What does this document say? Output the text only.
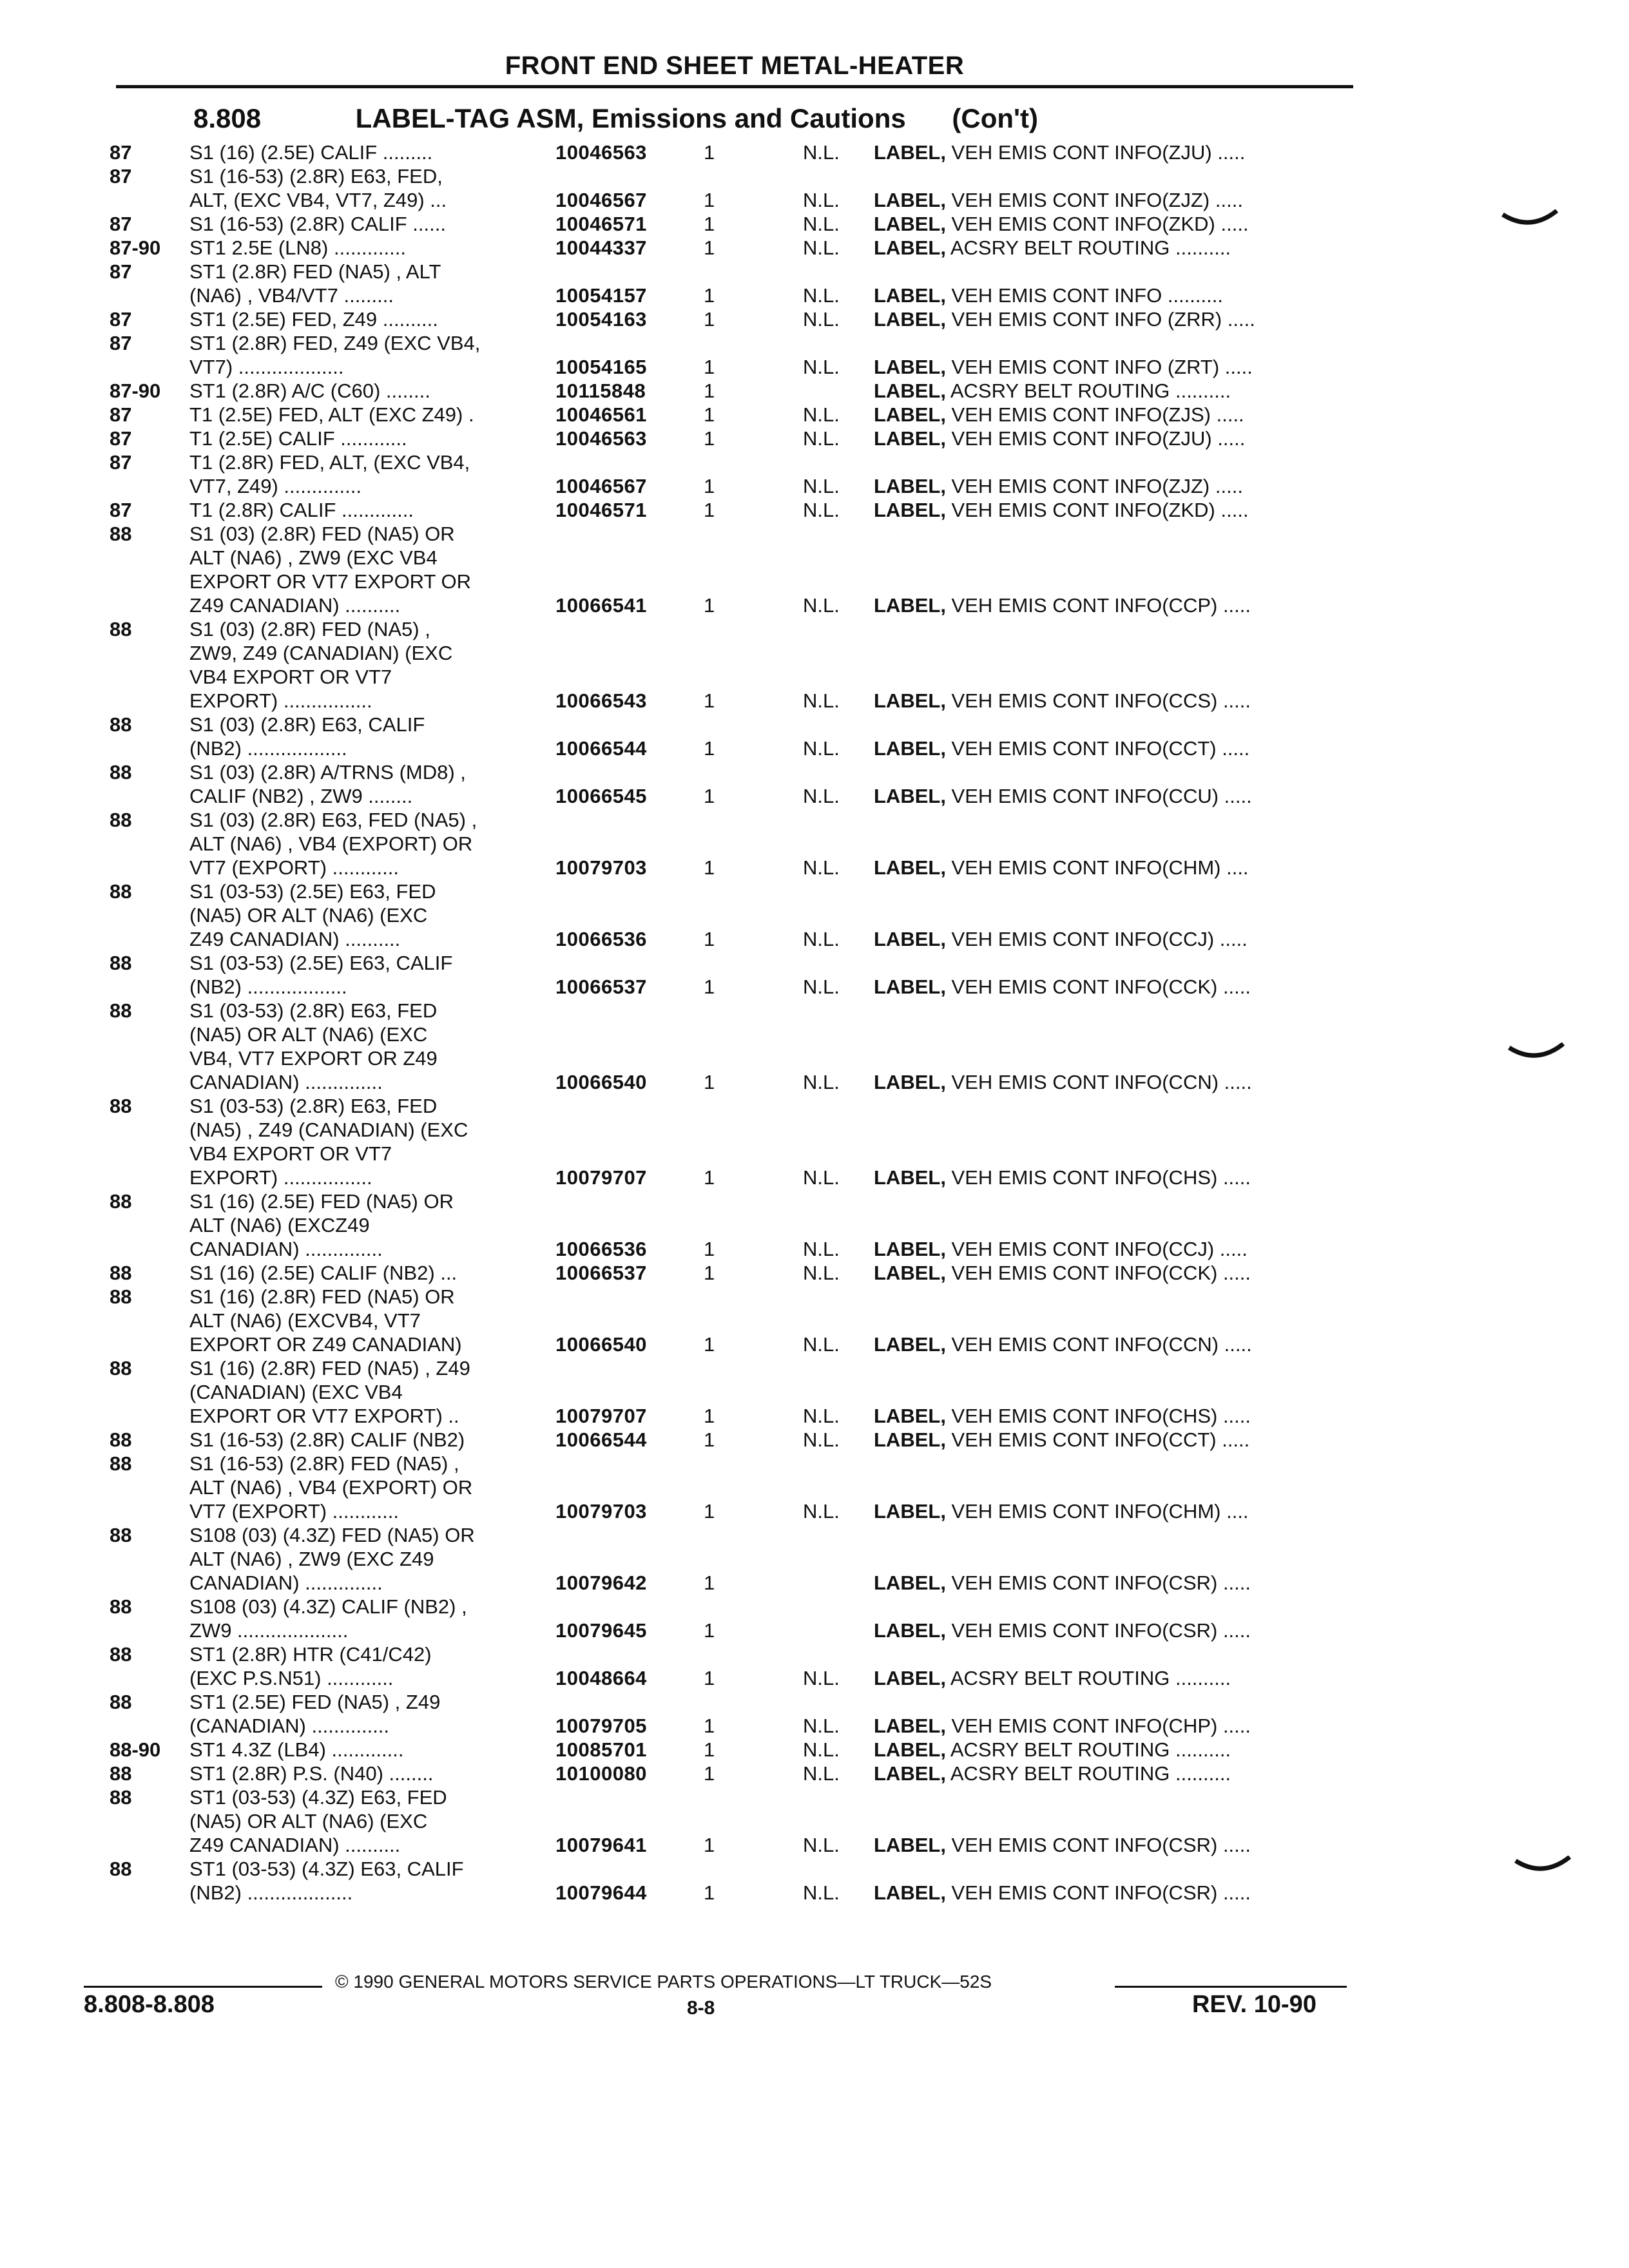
FRONT END SHEET METAL-HEATER
8.808	LABEL-TAG ASM, Emissions and Cautions (Con't)
87	S1 (16) (2.5E) CALIF .........	10046563	1	N.L. LABEL, VEH EMIS CONT INFO(ZJU) .....
87	S1 (16-53) (2.8R) E63, FED,
ALT, (EXC VB4, VT7, Z49) ...	10046567	1	N.L. LABEL, VEH EMIS CONT INFO(ZJZ) .....
87	S1 (16-53) (2.8R) CALIF ......	10046571	1	N.L. LABEL, VEH EMIS CONT INFO(ZKD) .....
87-90 ST1 2.5E (LN8) .............	10044337	1	N.L. LABEL, ACSRY BELT ROUTING ..........
87	ST1 (2.8R) FED (NA5) , ALT
(NA6) , VB4/VT7 .........	10054157	1	N.L. LABEL, VEH EMIS CONT INFO ..........
87	ST1 (2.5E) FED, Z49 ..........	10054163	1	N.L. LABEL, VEH EMIS CONT INFO (ZRR) .....
87	ST1 (2.8R) FED, Z49 (EXC VB4,
VT7) ...................	10054165	1	N.L. LABEL, VEH EMIS CONT INFO (ZRT) .....
87-90 ST1 (2.8R) A/C (C60) ........	10115848	1	LABEL, ACSRY BELT ROUTING ..........
87	T1 (2.5E) FED, ALT (EXC Z49) .	10046561	1	N.L. LABEL, VEH EMIS CONT INFO(ZJS) .....
87	T1 (2.5E) CALIF ............	10046563	1	N.L. LABEL, VEH EMIS CONT INFO(ZJU) .....
87	T1 (2.8R) FED, ALT, (EXC VB4,
VT7, Z49) ..............	10046567	1	N.L. LABEL, VEH EMIS CONT INFO(ZJZ) .....
87	T1 (2.8R) CALIF .............	10046571	1	N.L. LABEL, VEH EMIS CONT INFO(ZKD) .....
88	S1 (03) (2.8R) FED (NA5) OR
ALT (NA6) , ZW9 (EXC VB4
EXPORT OR VT7 EXPORT OR
Z49 CANADIAN) ..........	10066541	1	N.L. LABEL, VEH EMIS CONT INFO(CCP) .....
88	S1 (03) (2.8R) FED (NA5) ,
ZW9, Z49 (CANADIAN) (EXC
VB4 EXPORT OR VT7
EXPORT) ................	10066543	1	N.L. LABEL, VEH EMIS CONT INFO(CCS) .....
88	S1 (03) (2.8R) E63, CALIF
(NB2) ..................	10066544	1	N.L. LABEL, VEH EMIS CONT INFO(CCT) .....
88	S1 (03) (2.8R) A/TRNS (MD8) ,
CALIF (NB2) , ZW9 ........	10066545	1	N.L. LABEL, VEH EMIS CONT INFO(CCU) .....
88	S1 (03) (2.8R) E63, FED (NA5) ,
ALT (NA6) , VB4 (EXPORT) OR
VT7 (EXPORT) ............	10079703	1	N.L. LABEL, VEH EMIS CONT INFO(CHM) ....
88	S1 (03-53) (2.5E) E63, FED
(NA5) OR ALT (NA6) (EXC
Z49 CANADIAN) ..........	10066536	1	N.L. LABEL, VEH EMIS CONT INFO(CCJ) .....
88	S1 (03-53) (2.5E) E63, CALIF
(NB2) ..................	10066537	1	N.L. LABEL, VEH EMIS CONT INFO(CCK) .....
88	S1 (03-53) (2.8R) E63, FED
(NA5) OR ALT (NA6) (EXC
VB4, VT7 EXPORT OR Z49
CANADIAN) ..............	10066540	1	N.L. LABEL, VEH EMIS CONT INFO(CCN) .....
88	S1 (03-53) (2.8R) E63, FED
(NA5) , Z49 (CANADIAN) (EXC
VB4 EXPORT OR VT7
EXPORT) ................	10079707	1	N.L. LABEL, VEH EMIS CONT INFO(CHS) .....
88	S1 (16) (2.5E) FED (NA5) OR
ALT (NA6) (EXCZ49
CANADIAN) ..............	10066536	1	N.L. LABEL, VEH EMIS CONT INFO(CCJ) .....
88	S1 (16) (2.5E) CALIF (NB2) ...	10066537	1	N.L. LABEL, VEH EMIS CONT INFO(CCK) .....
88	S1 (16) (2.8R) FED (NA5) OR
ALT (NA6) (EXCVB4, VT7
EXPORT OR Z49 CANADIAN)	10066540	1	N.L. LABEL, VEH EMIS CONT INFO(CCN) .....
88	S1 (16) (2.8R) FED (NA5) , Z49
(CANADIAN) (EXC VB4
EXPORT OR VT7 EXPORT) ..	10079707	1	N.L. LABEL, VEH EMIS CONT INFO(CHS) .....
88	S1 (16-53) (2.8R) CALIF (NB2)	10066544	1	N.L. LABEL, VEH EMIS CONT INFO(CCT) .....
88	S1 (16-53) (2.8R) FED (NA5) ,
ALT (NA6) , VB4 (EXPORT) OR
VT7 (EXPORT) ............	10079703	1	N.L. LABEL, VEH EMIS CONT INFO(CHM) ....
88	S108 (03) (4.3Z) FED (NA5) OR
ALT (NA6) , ZW9 (EXC Z49
CANADIAN) ..............	10079642	1	LABEL, VEH EMIS CONT INFO(CSR) .....
88	S108 (03) (4.3Z) CALIF (NB2) ,
ZW9 ....................	10079645	1	LABEL, VEH EMIS CONT INFO(CSR) .....
88	ST1 (2.8R) HTR (C41/C42)
(EXC P.S.N51) ............	10048664	1	N.L. LABEL, ACSRY BELT ROUTING ..........
88	ST1 (2.5E) FED (NA5) , Z49
(CANADIAN) ..............	10079705	1	N.L. LABEL, VEH EMIS CONT INFO(CHP) .....
88-90 ST1 4.3Z (LB4) .............	10085701	1	N.L. LABEL, ACSRY BELT ROUTING ..........
88	ST1 (2.8R) P.S. (N40) ........	10100080	1	N.L. LABEL, ACSRY BELT ROUTING ..........
88	ST1 (03-53) (4.3Z) E63, FED
(NA5) OR ALT (NA6) (EXC
Z49 CANADIAN) ..........	10079641	1	N.L. LABEL, VEH EMIS CONT INFO(CSR) .....
88	ST1 (03-53) (4.3Z) E63, CALIF
(NB2) ...................	10079644	1	N.L. LABEL, VEH EMIS CONT INFO(CSR) .....
© 1990 GENERAL MOTORS SERVICE PARTS OPERATIONS—LT TRUCK—52S
8.808-8.808	8-8	REV. 10-90
